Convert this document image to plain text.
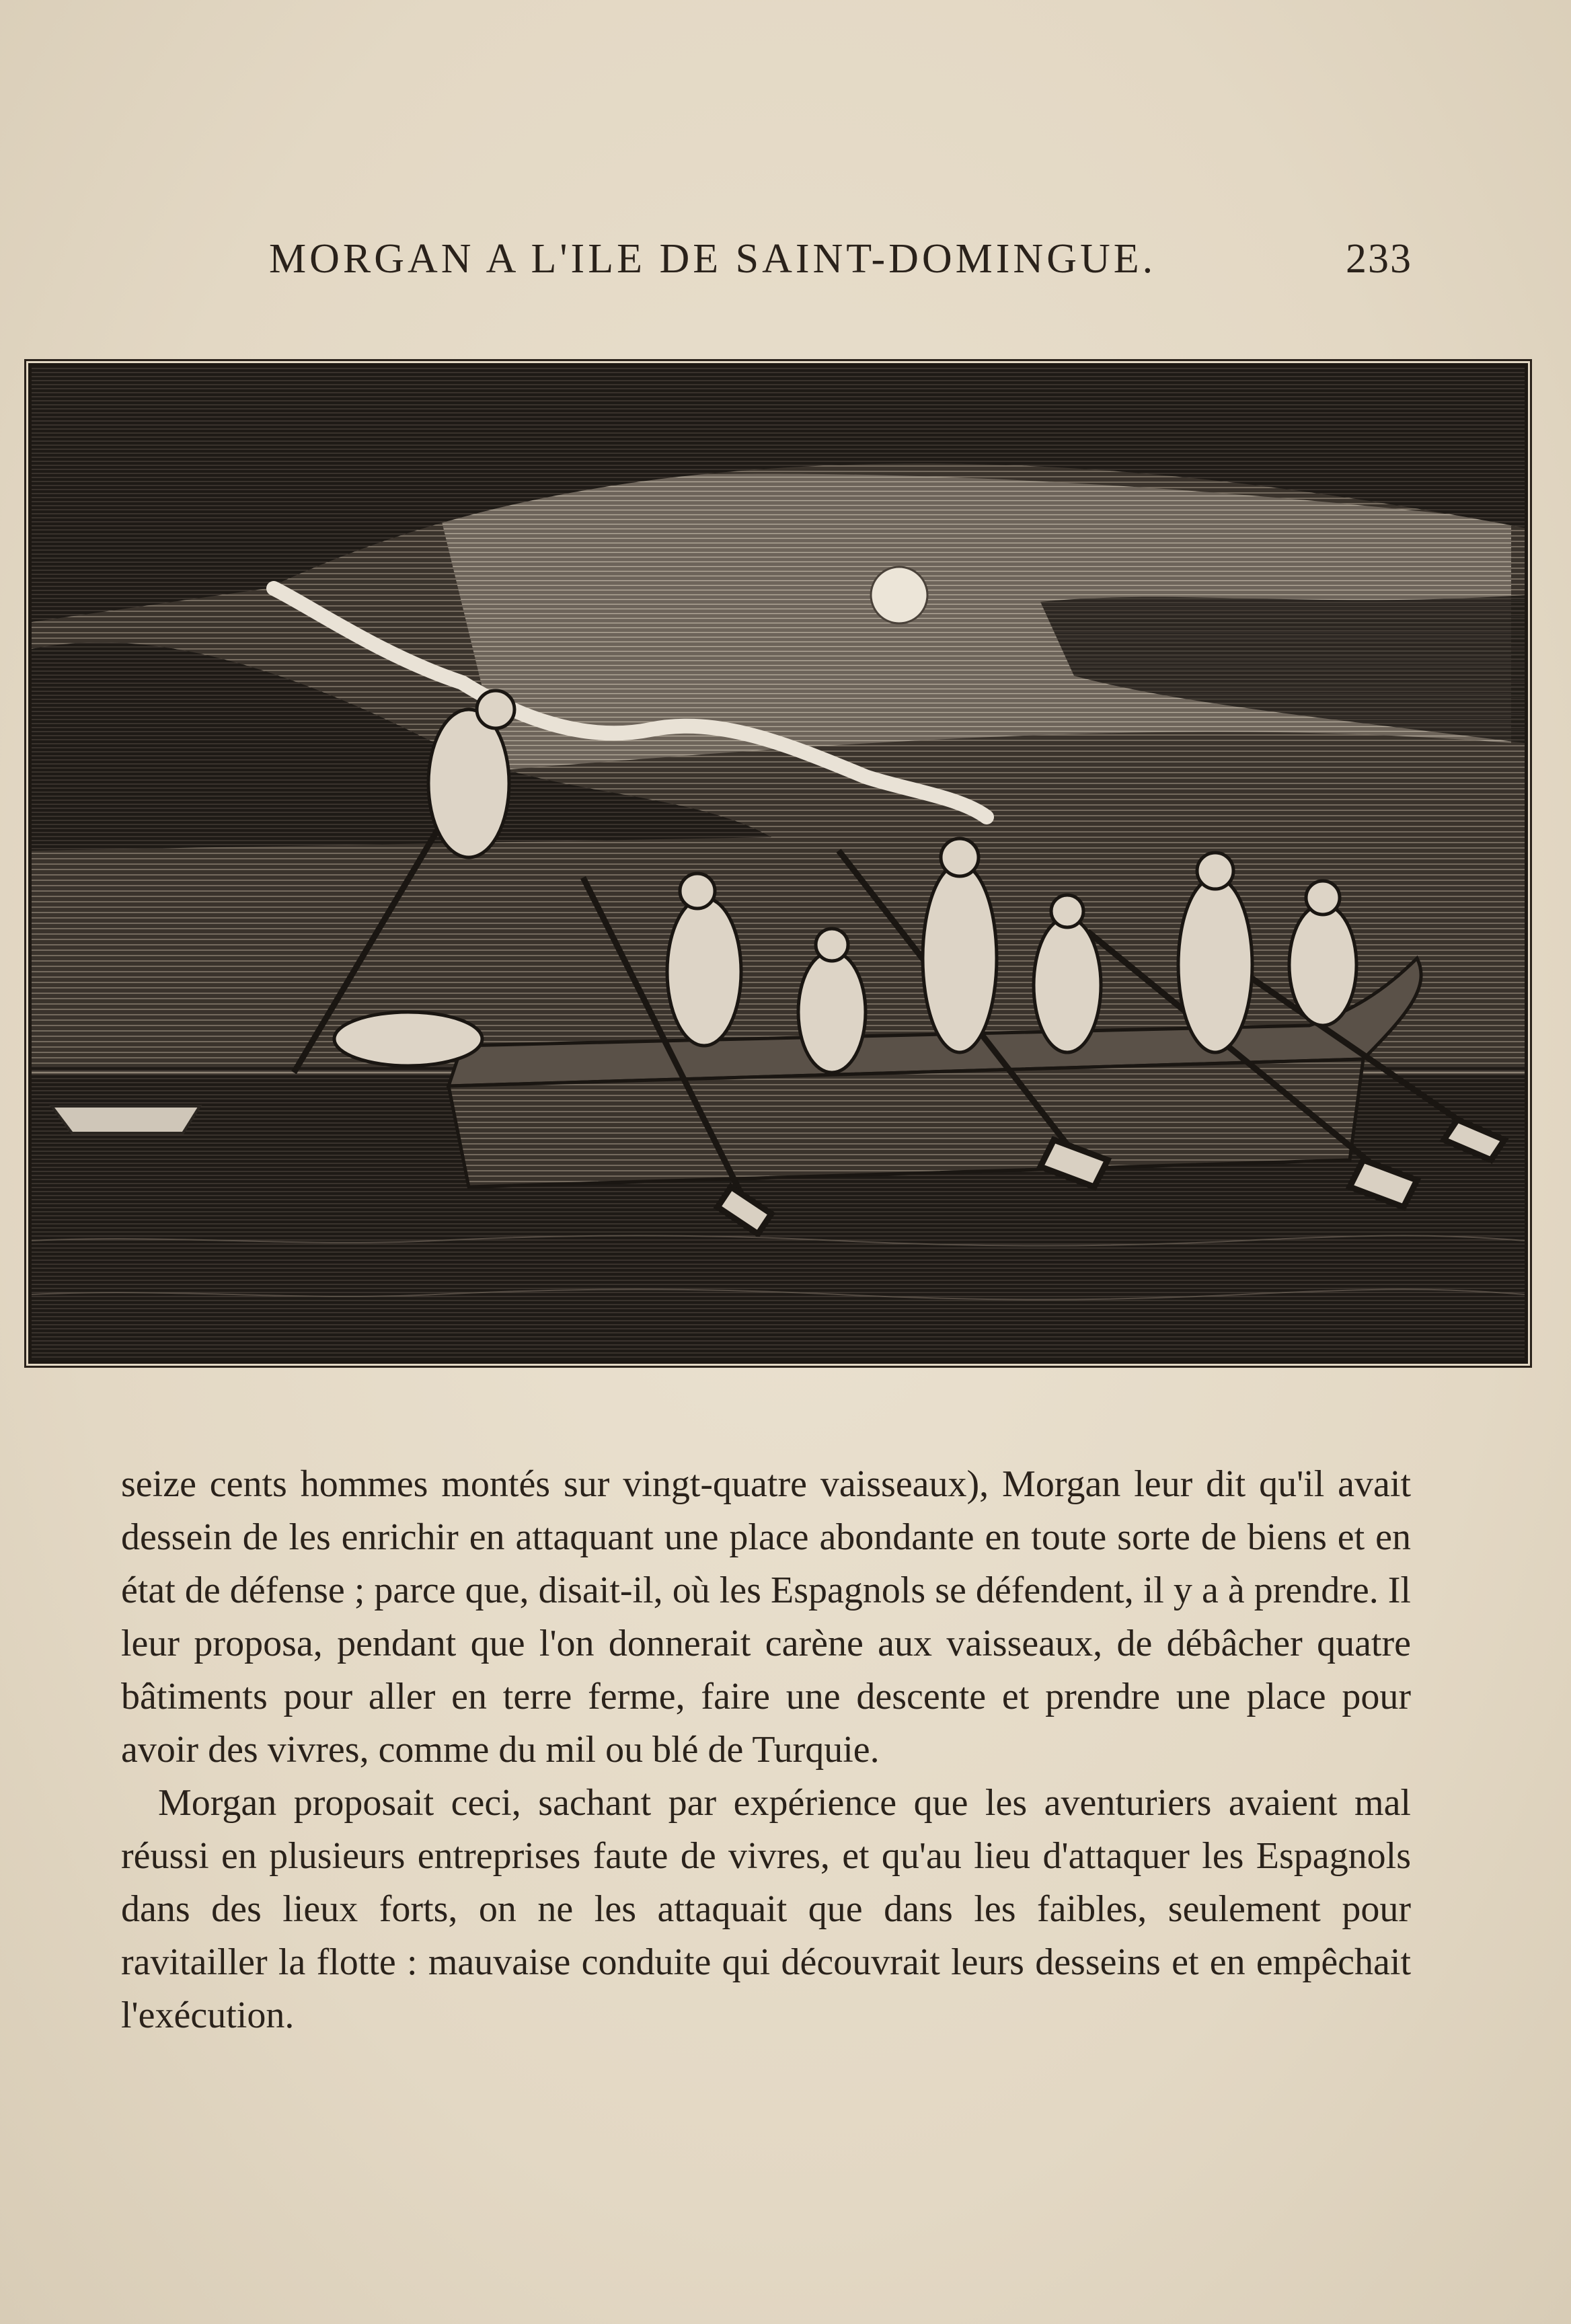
MORGAN A L'ILE DE SAINT-DOMINGUE.	233

seize cents hommes montés sur vingt-quatre vaisseaux), Morgan leur dit qu'il avait dessein de les enrichir en attaquant une place abondante en toute sorte de biens et en état de défense ; parce que, disait-il, où les Espagnols se défendent, il y a à prendre. Il leur proposa, pendant que l'on donnerait carène aux vaisseaux, de débâcher quatre bâtiments pour aller en terre ferme, faire une descente et prendre une place pour avoir des vivres, comme du mil ou blé de Turquie.

Morgan proposait ceci, sachant par expérience que les aventuriers avaient mal réussi en plusieurs entreprises faute de vivres, et qu'au lieu d'attaquer les Espagnols dans des lieux forts, on ne les attaquait que dans les faibles, seulement pour ravitailler la flotte : mauvaise conduite qui découvrait leurs desseins et en empêchait l'exécution.
